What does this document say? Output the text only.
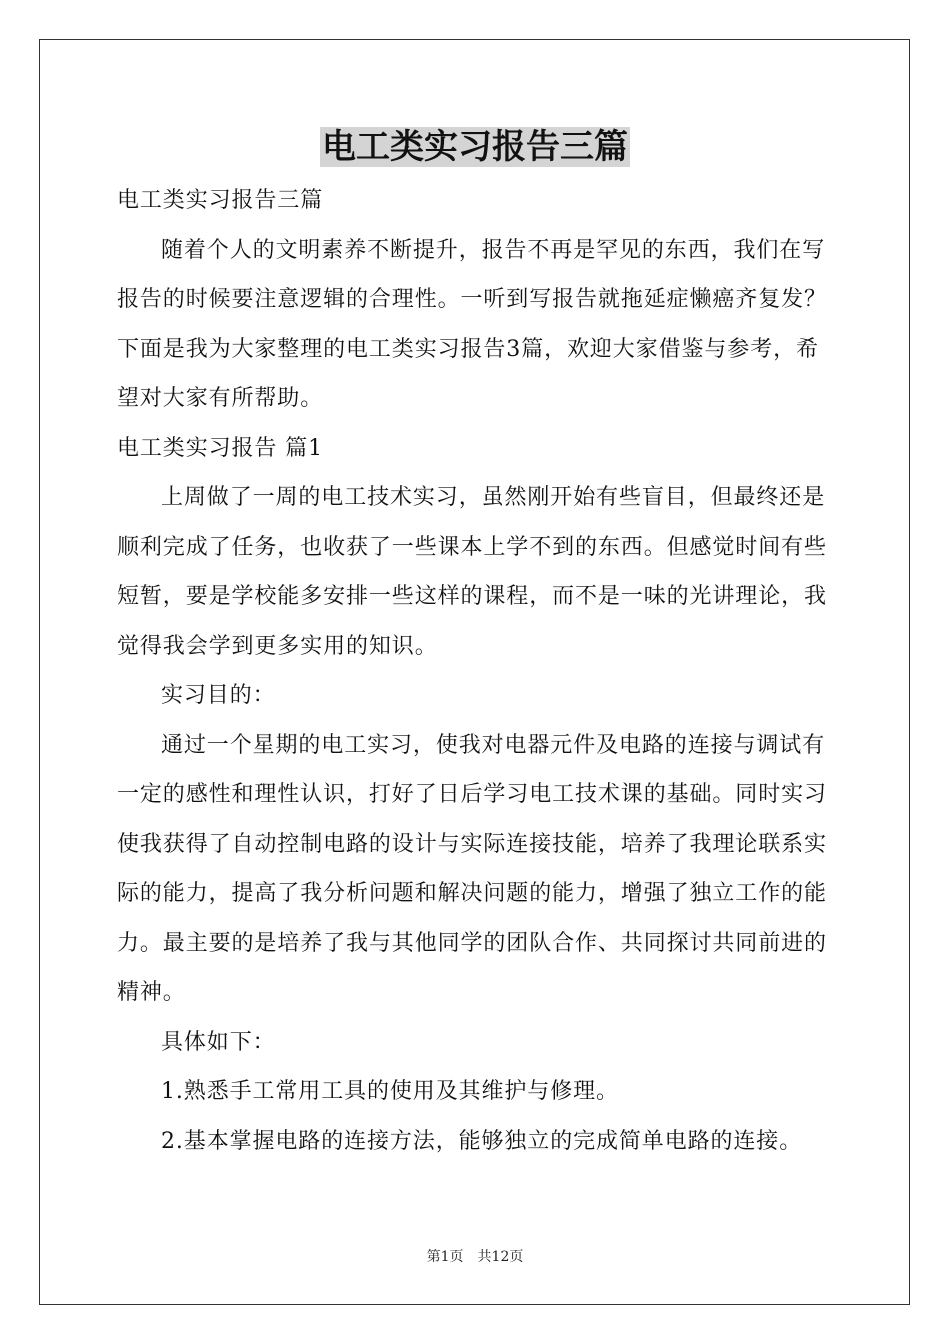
电工类实习报告三篇

电工类实习报告三篇

随着个人的文明素养不断提升，报告不再是罕见的东西，我们在写报告的时候要注意逻辑的合理性。一听到写报告就拖延症懒癌齐复发？下面是我为大家整理的电工类实习报告3篇，欢迎大家借鉴与参考，希望对大家有所帮助。

电工类实习报告 篇1

上周做了一周的电工技术实习，虽然刚开始有些盲目，但最终还是顺利完成了任务，也收获了一些课本上学不到的东西。但感觉时间有些短暂，要是学校能多安排一些这样的课程，而不是一味的光讲理论，我觉得我会学到更多实用的知识。

实习目的：

通过一个星期的电工实习，使我对电器元件及电路的连接与调试有一定的感性和理性认识，打好了日后学习电工技术课的基础。同时实习使我获得了自动控制电路的设计与实际连接技能，培养了我理论联系实际的能力，提高了我分析问题和解决问题的能力，增强了独立工作的能力。最主要的是培养了我与其他同学的团队合作、共同探讨共同前进的精神。

具体如下：

1.熟悉手工常用工具的使用及其维护与修理。

2.基本掌握电路的连接方法，能够独立的完成简单电路的连接。

第1页 共12页
